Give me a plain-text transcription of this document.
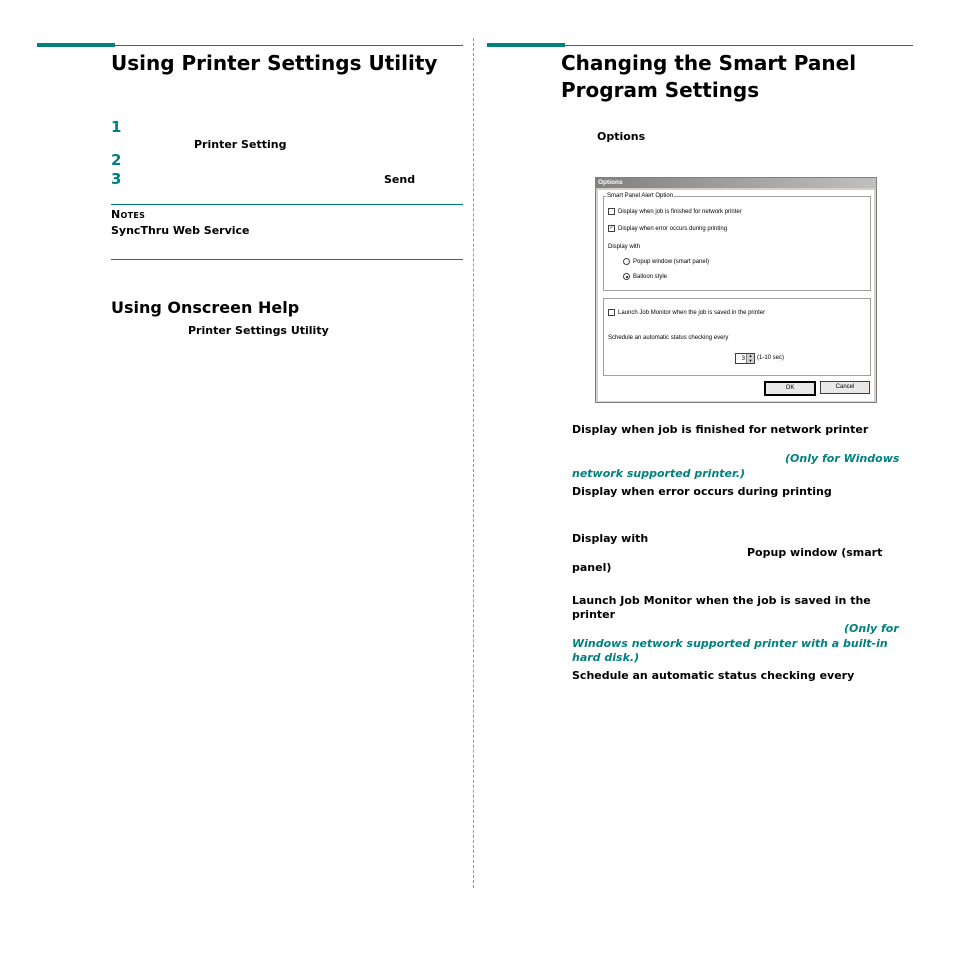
Using Printer Settings Utility
1
Printer Setting
2
3	Send
Notes
SyncThru Web Service
Using Onscreen Help
Printer Settings Utility
Changing the Smart Panel
Program Settings
Options
Options
Smart Panel Alert Option
Display when job is finished for network printer
✓ Display when error occurs during printing
Display with
Popup window (smart panel)
Balloon style
Launch Job Monitor when the job is saved in the printer
Schedule an automatic status checking every
3
▲
▼ (1-10 sec)
OK	Cancel
Display when job is finished for network printer
(Only for Windows
network supported printer.)
Display when error occurs during printing
Display with
Popup window (smart
panel)
Launch Job Monitor when the job is saved in the
printer
(Only for
Windows network supported printer with a built-in
hard disk.)
Schedule an automatic status checking every
